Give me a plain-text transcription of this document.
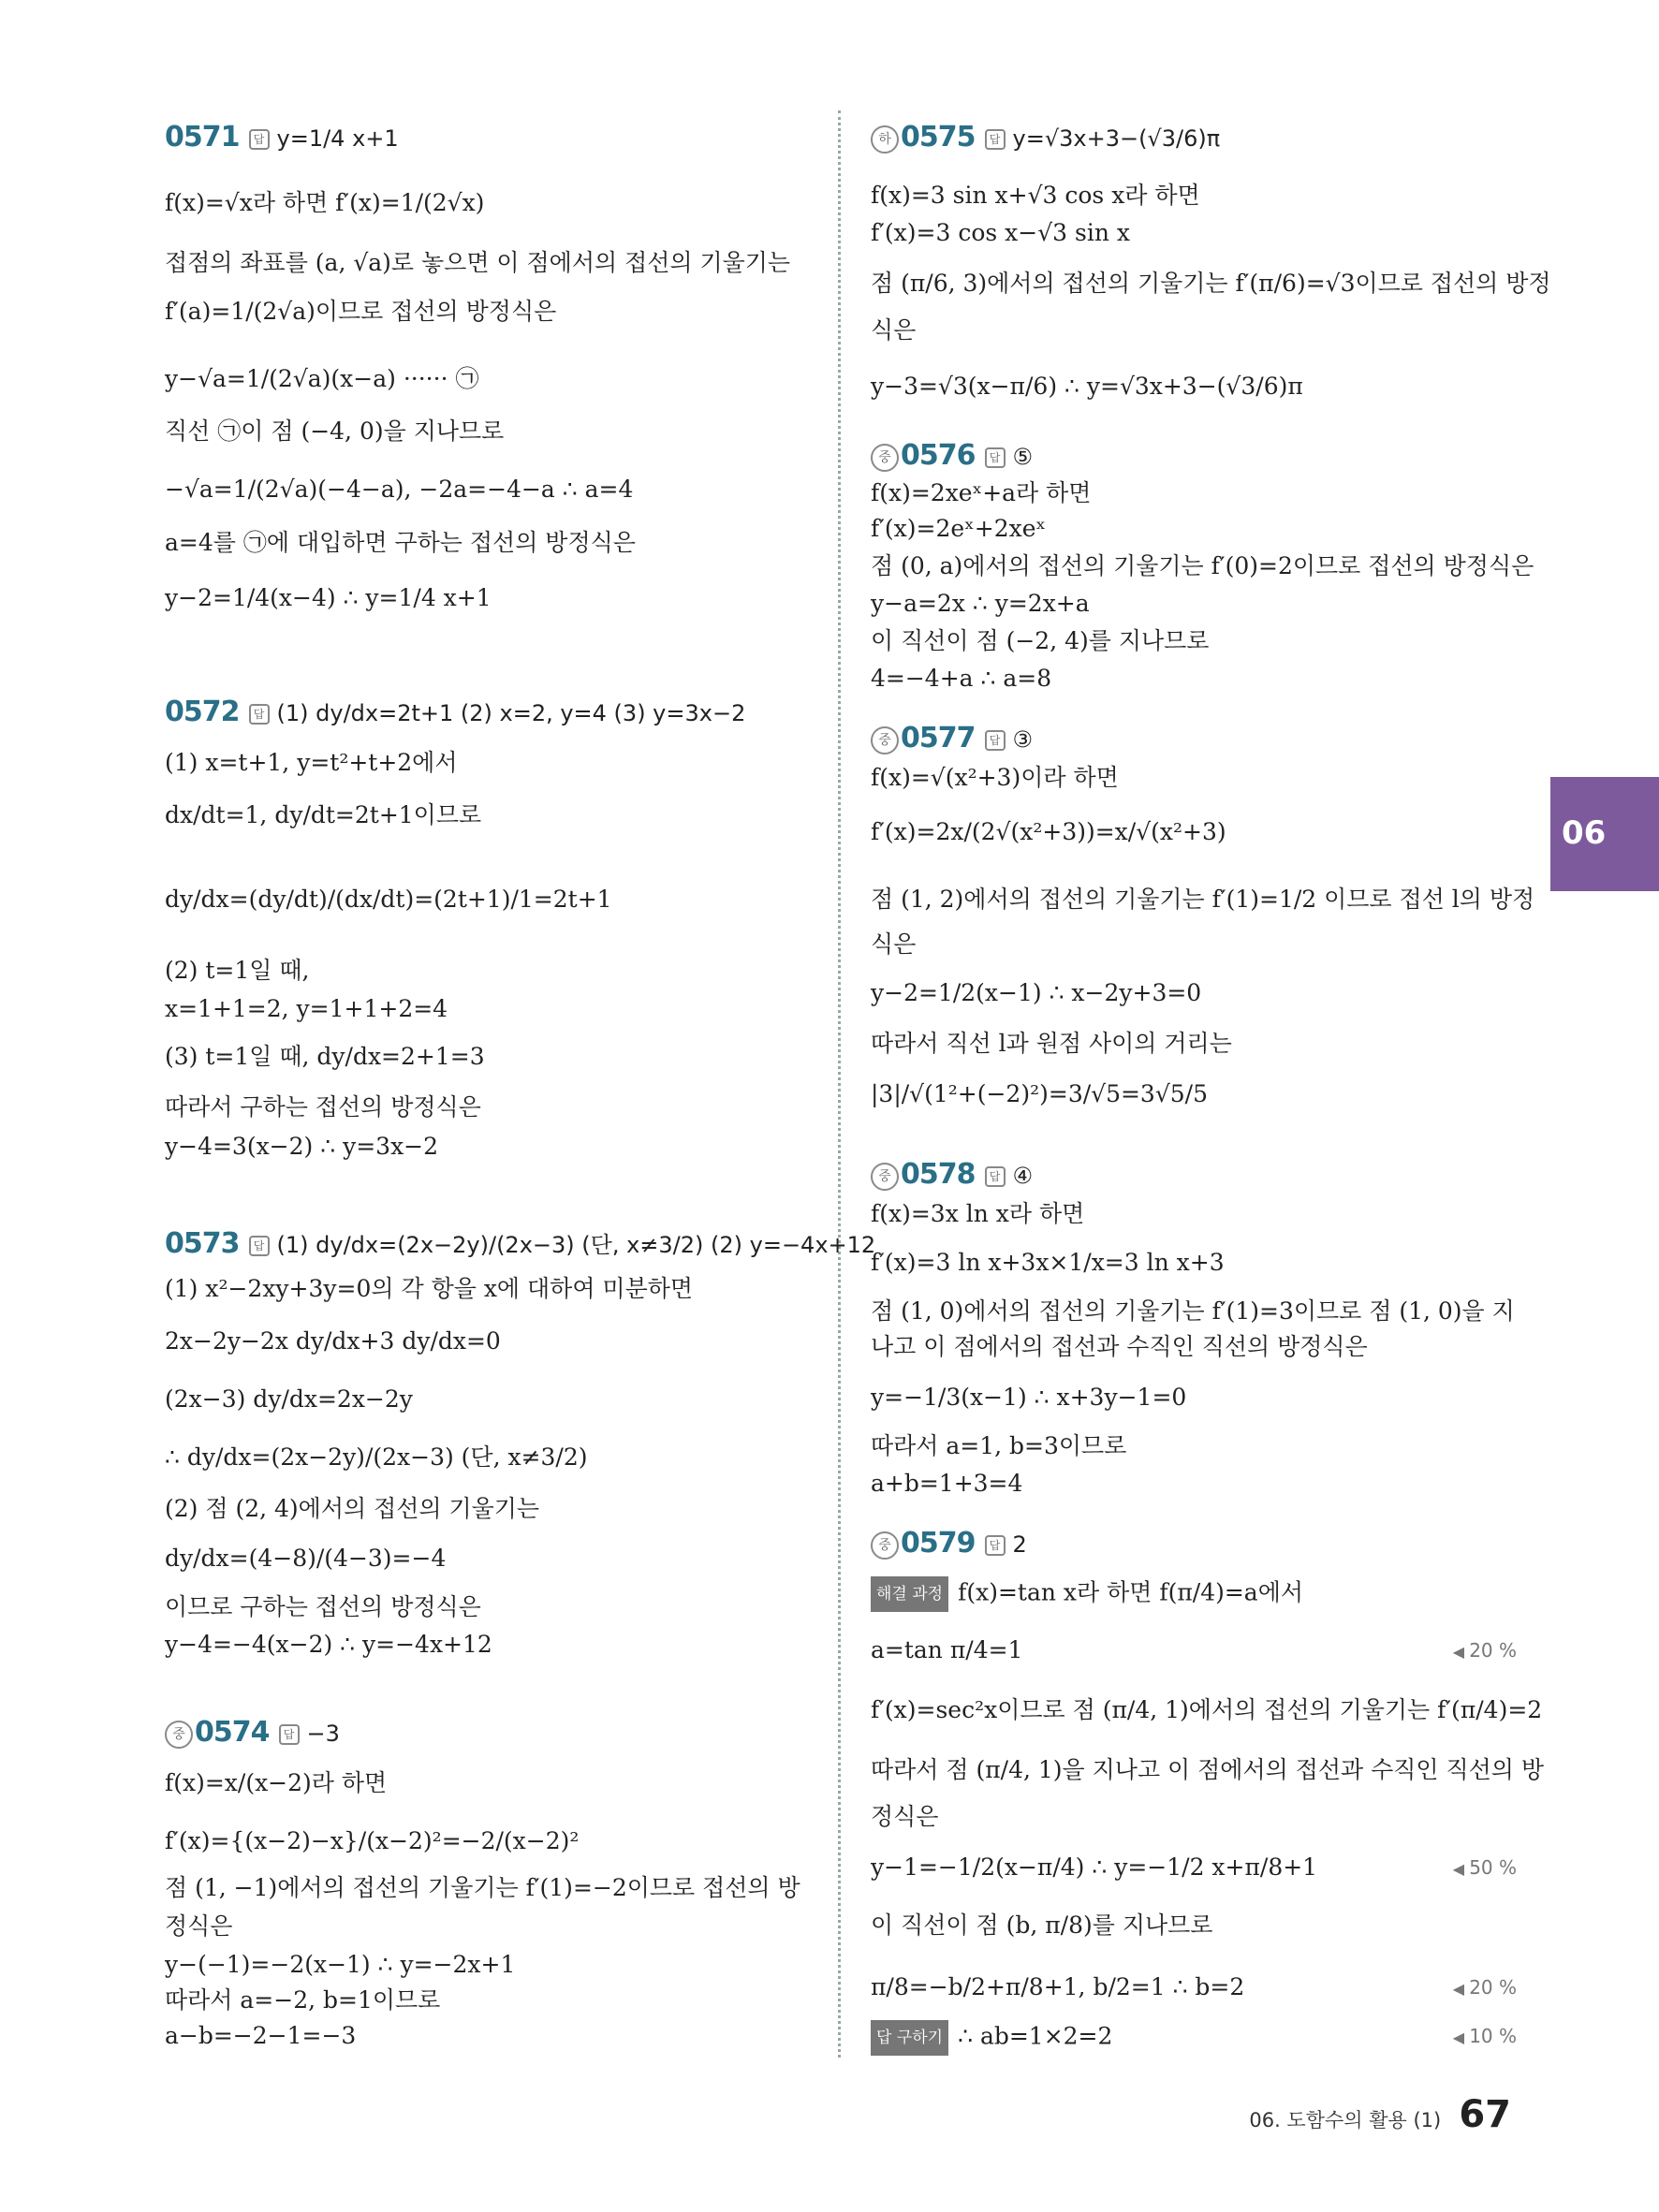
0571 답 y=1/4 x+1
f(x)=√x라 하면 f′(x)=1/(2√x)
접점의 좌표를 (a, √a)로 놓으면 이 점에서의 접선의 기울기는
f′(a)=1/(2√a)이므로 접선의 방정식은
y−√a=1/(2√a)(x−a) ······ ㉠
직선 ㉠이 점 (−4, 0)을 지나므로
−√a=1/(2√a)(−4−a), −2a=−4−a ∴ a=4
a=4를 ㉠에 대입하면 구하는 접선의 방정식은
y−2=1/4(x−4) ∴ y=1/4 x+1
0572 답 (1) dy/dx=2t+1 (2) x=2, y=4 (3) y=3x−2
(1) x=t+1, y=t²+t+2에서
dx/dt=1, dy/dt=2t+1이므로
dy/dx=(dy/dt)/(dx/dt)=(2t+1)/1=2t+1
(2) t=1일 때,
x=1+1=2, y=1+1+2=4
(3) t=1일 때, dy/dx=2+1=3
따라서 구하는 접선의 방정식은
y−4=3(x−2) ∴ y=3x−2
0573 답 (1) dy/dx=(2x−2y)/(2x−3) (단, x≠3/2) (2) y=−4x+12
(1) x²−2xy+3y=0의 각 항을 x에 대하여 미분하면
2x−2y−2x dy/dx+3 dy/dx=0
(2x−3) dy/dx=2x−2y
∴ dy/dx=(2x−2y)/(2x−3) (단, x≠3/2)
(2) 점 (2, 4)에서의 접선의 기울기는
dy/dx=(4−8)/(4−3)=−4
이므로 구하는 접선의 방정식은
y−4=−4(x−2) ∴ y=−4x+12
중 0574 답 −3
f(x)=x/(x−2)라 하면
f′(x)={(x−2)−x}/(x−2)²=−2/(x−2)²
점 (1, −1)에서의 접선의 기울기는 f′(1)=−2이므로 접선의 방
정식은
y−(−1)=−2(x−1) ∴ y=−2x+1
따라서 a=−2, b=1이므로
a−b=−2−1=−3
하 0575 답 y=√3x+3−(√3/6)π
f(x)=3 sin x+√3 cos x라 하면
f′(x)=3 cos x−√3 sin x
점 (π/6, 3)에서의 접선의 기울기는 f′(π/6)=√3이므로 접선의 방정
식은
y−3=√3(x−π/6) ∴ y=√3x+3−(√3/6)π
중 0576 답 ⑤
f(x)=2xeˣ+a라 하면
f′(x)=2eˣ+2xeˣ
점 (0, a)에서의 접선의 기울기는 f′(0)=2이므로 접선의 방정식은
y−a=2x ∴ y=2x+a
이 직선이 점 (−2, 4)를 지나므로
4=−4+a ∴ a=8
중 0577 답 ③
f(x)=√(x²+3)이라 하면
f′(x)=2x/(2√(x²+3))=x/√(x²+3)
점 (1, 2)에서의 접선의 기울기는 f′(1)=1/2 이므로 접선 l의 방정
식은
y−2=1/2(x−1) ∴ x−2y+3=0
따라서 직선 l과 원점 사이의 거리는
|3|/√(1²+(−2)²)=3/√5=3√5/5
중 0578 답 ④
f(x)=3x ln x라 하면
f′(x)=3 ln x+3x×1/x=3 ln x+3
점 (1, 0)에서의 접선의 기울기는 f′(1)=3이므로 점 (1, 0)을 지
나고 이 점에서의 접선과 수직인 직선의 방정식은
y=−1/3(x−1) ∴ x+3y−1=0
따라서 a=1, b=3이므로
a+b=1+3=4
중 0579 답 2
해결 과정 f(x)=tan x라 하면 f(π/4)=a에서
a=tan π/4=1	◀ 20 %
f′(x)=sec²x이므로 점 (π/4, 1)에서의 접선의 기울기는 f′(π/4)=2
따라서 점 (π/4, 1)을 지나고 이 점에서의 접선과 수직인 직선의 방
정식은
y−1=−1/2(x−π/4) ∴ y=−1/2 x+π/8+1	◀ 50 %
이 직선이 점 (b, π/8)를 지나므로
π/8=−b/2+π/8+1, b/2=1 ∴ b=2	◀ 20 %
답 구하기 ∴ ab=1×2=2	◀ 10 %
06
06. 도함수의 활용 (1) 67
